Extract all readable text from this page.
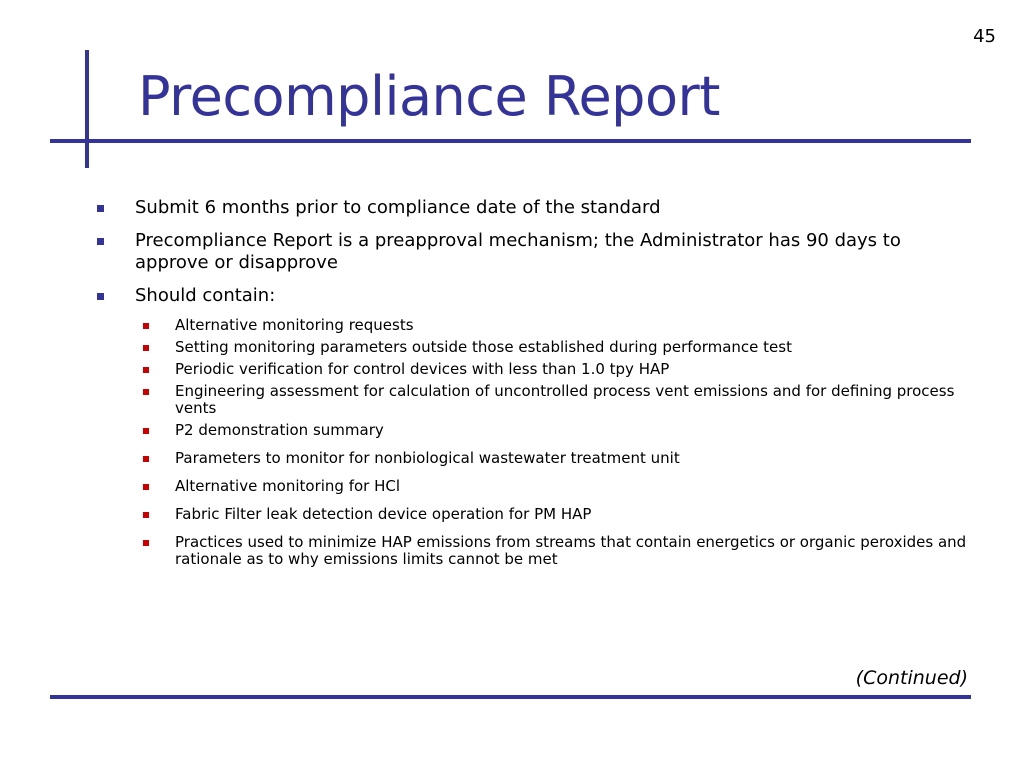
45
Precompliance Report
Submit 6 months prior to compliance date of the standard
Precompliance Report is a preapproval mechanism; the Administrator has 90 days to approve or disapprove
Should contain:
Alternative monitoring requests
Setting monitoring parameters outside those established during performance test
Periodic verification for control devices with less than 1.0 tpy HAP
Engineering assessment for calculation of uncontrolled process vent emissions and for defining process vents
P2 demonstration summary
Parameters to monitor for nonbiological wastewater treatment unit
Alternative monitoring for HCl
Fabric Filter leak detection device operation for PM HAP
Practices used to minimize HAP emissions from streams that contain energetics or organic peroxides and rationale as to why emissions limits cannot be met
(Continued)
